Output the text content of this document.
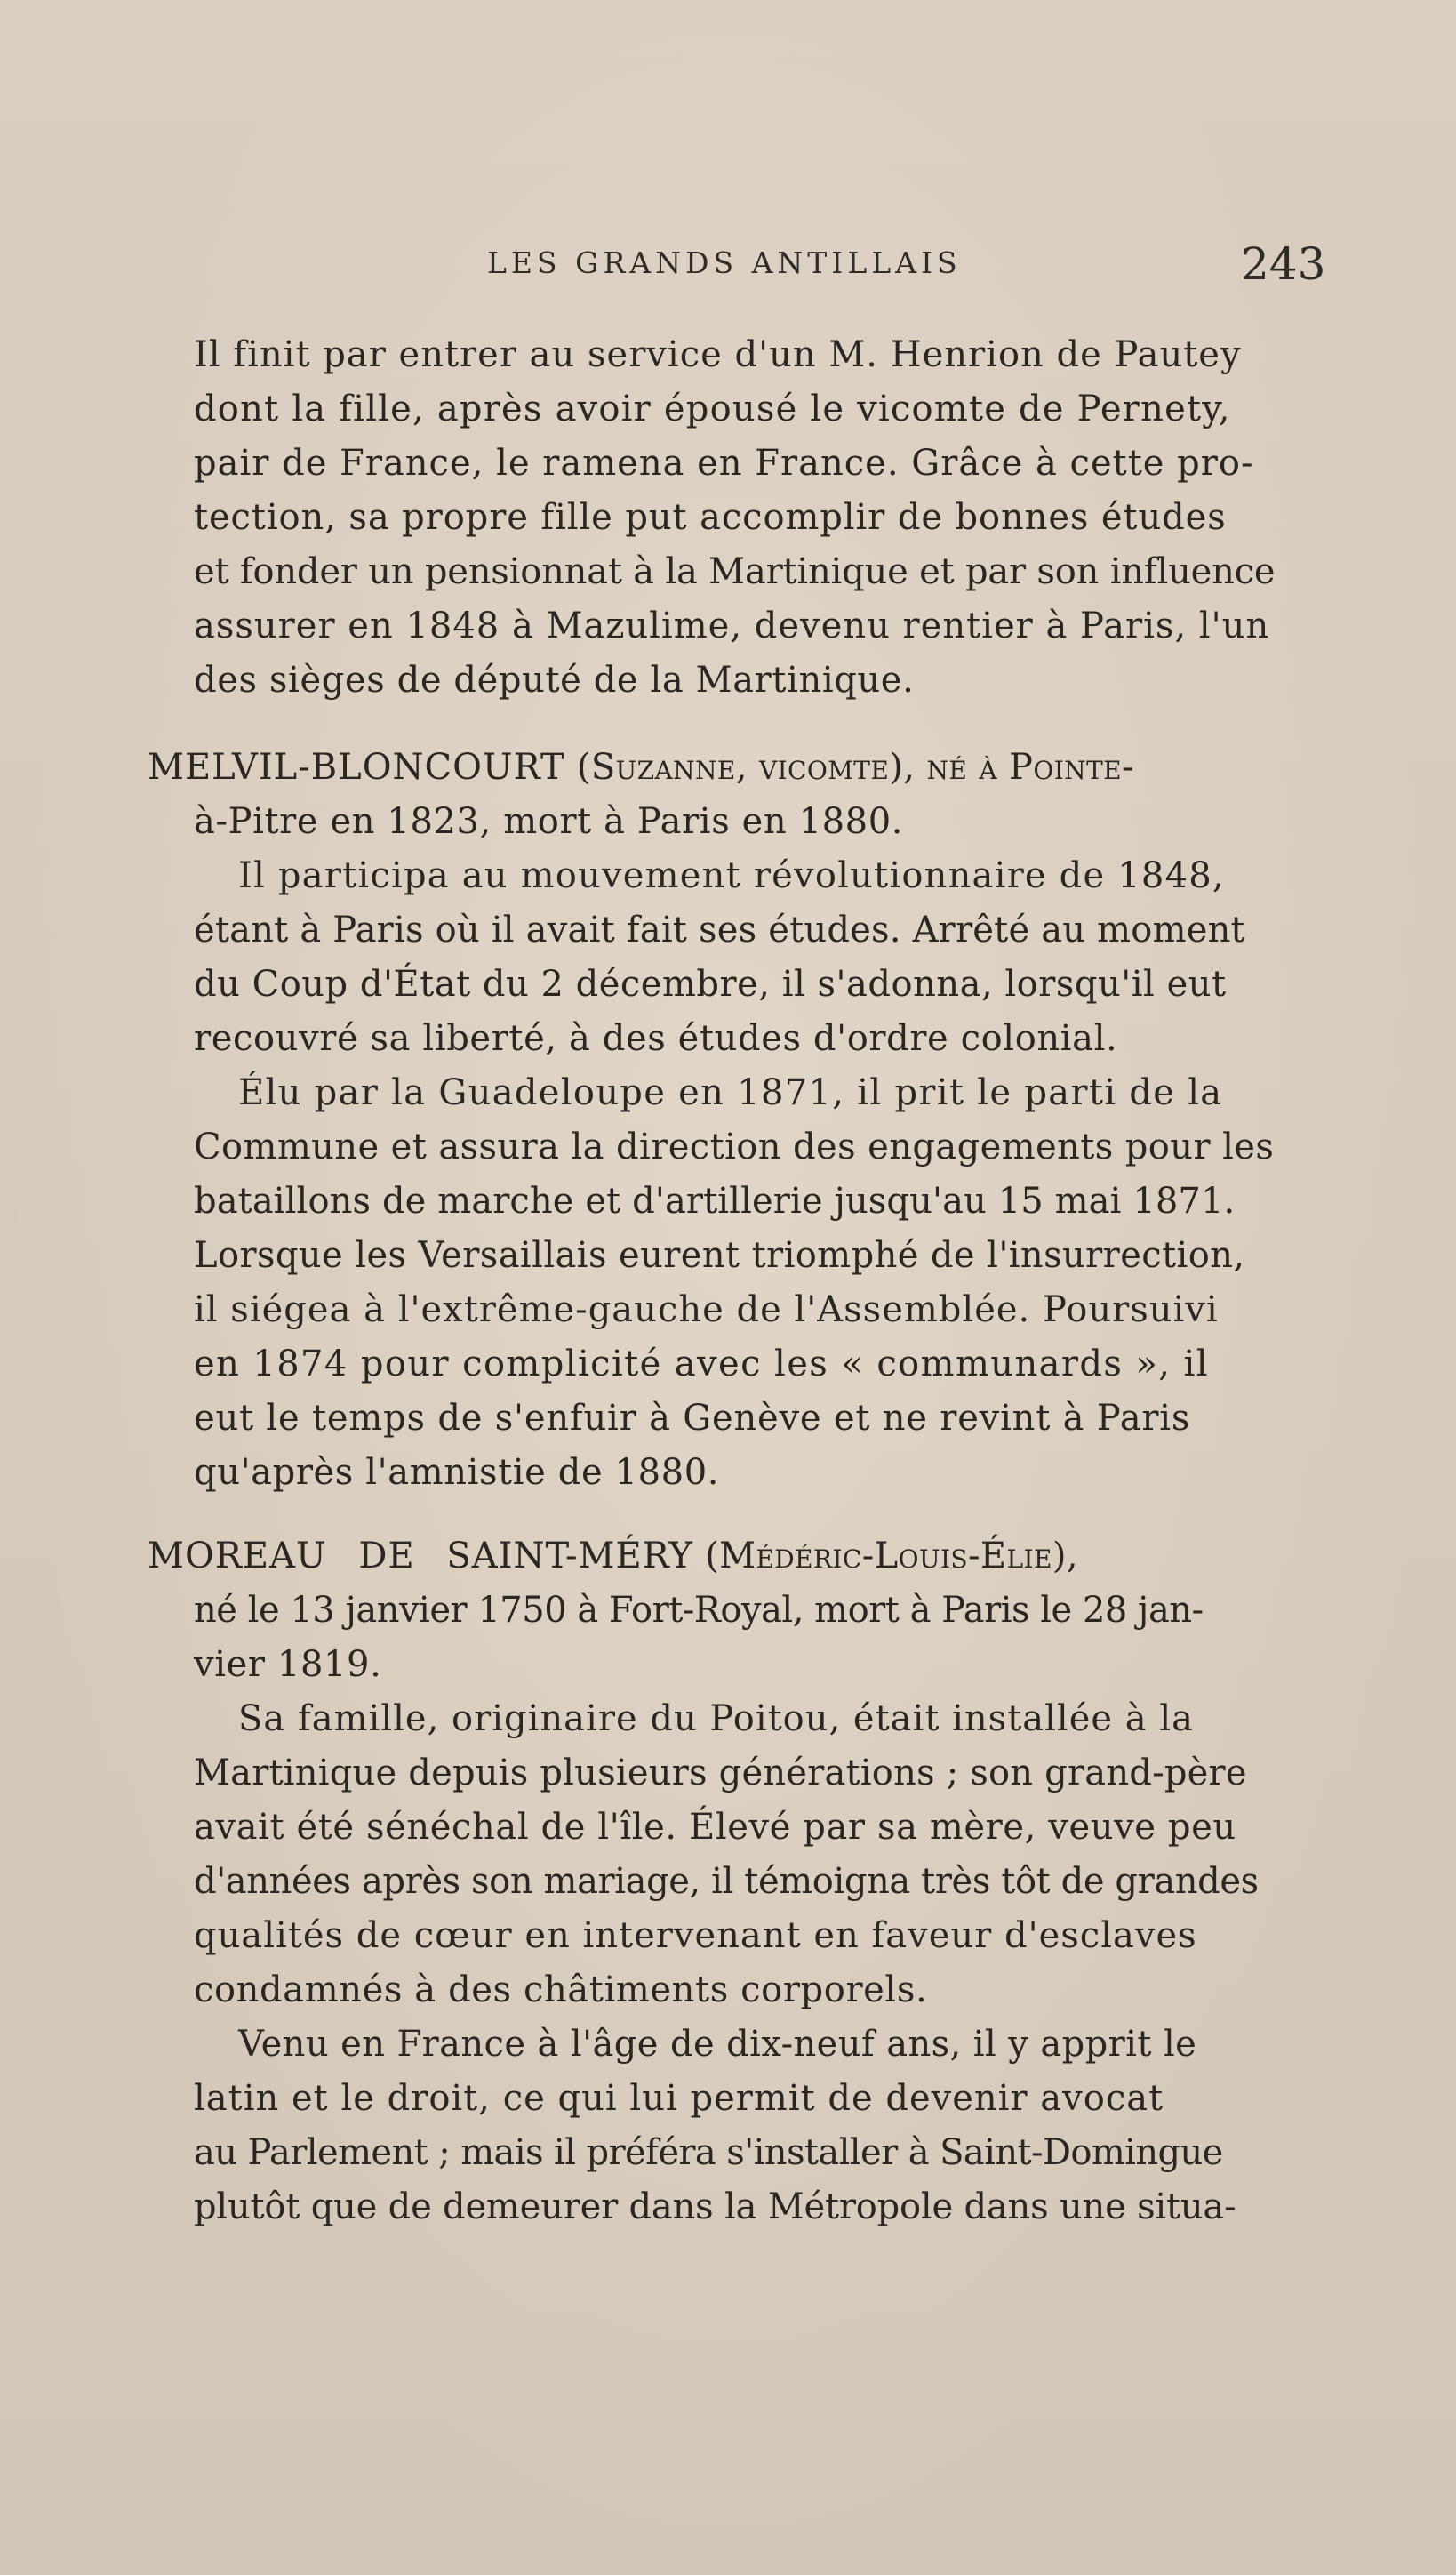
LES GRANDS ANTILLAIS	243
Il finit par entrer au service d'un M. Henrion de Pautey
dont la fille, après avoir épousé le vicomte de Pernety,
pair de France, le ramena en France. Grâce à cette pro-
tection, sa propre fille put accomplir de bonnes études
et fonder un pensionnat à la Martinique et par son influence
assurer en 1848 à Mazulime, devenu rentier à Paris, l'un
des sièges de député de la Martinique.
MELVIL-BLONCOURT (Suzanne, vicomte), né à Pointe-
à-Pitre en 1823, mort à Paris en 1880.
Il participa au mouvement révolutionnaire de 1848,
étant à Paris où il avait fait ses études. Arrêté au moment
du Coup d'État du 2 décembre, il s'adonna, lorsqu'il eut
recouvré sa liberté, à des études d'ordre colonial.
Élu par la Guadeloupe en 1871, il prit le parti de la
Commune et assura la direction des engagements pour les
bataillons de marche et d'artillerie jusqu'au 15 mai 1871.
Lorsque les Versaillais eurent triomphé de l'insurrection,
il siégea à l'extrême-gauche de l'Assemblée. Poursuivi
en 1874 pour complicité avec les « communards », il
eut le temps de s'enfuir à Genève et ne revint à Paris
qu'après l'amnistie de 1880.
MOREAU DE SAINT-MÉRY (Médéric-Louis-Élie),
né le 13 janvier 1750 à Fort-Royal, mort à Paris le 28 jan-
vier 1819.
Sa famille, originaire du Poitou, était installée à la
Martinique depuis plusieurs générations ; son grand-père
avait été sénéchal de l'île. Élevé par sa mère, veuve peu
d'années après son mariage, il témoigna très tôt de grandes
qualités de cœur en intervenant en faveur d'esclaves
condamnés à des châtiments corporels.
Venu en France à l'âge de dix-neuf ans, il y apprit le
latin et le droit, ce qui lui permit de devenir avocat
au Parlement ; mais il préféra s'installer à Saint-Domingue
plutôt que de demeurer dans la Métropole dans une situa-
